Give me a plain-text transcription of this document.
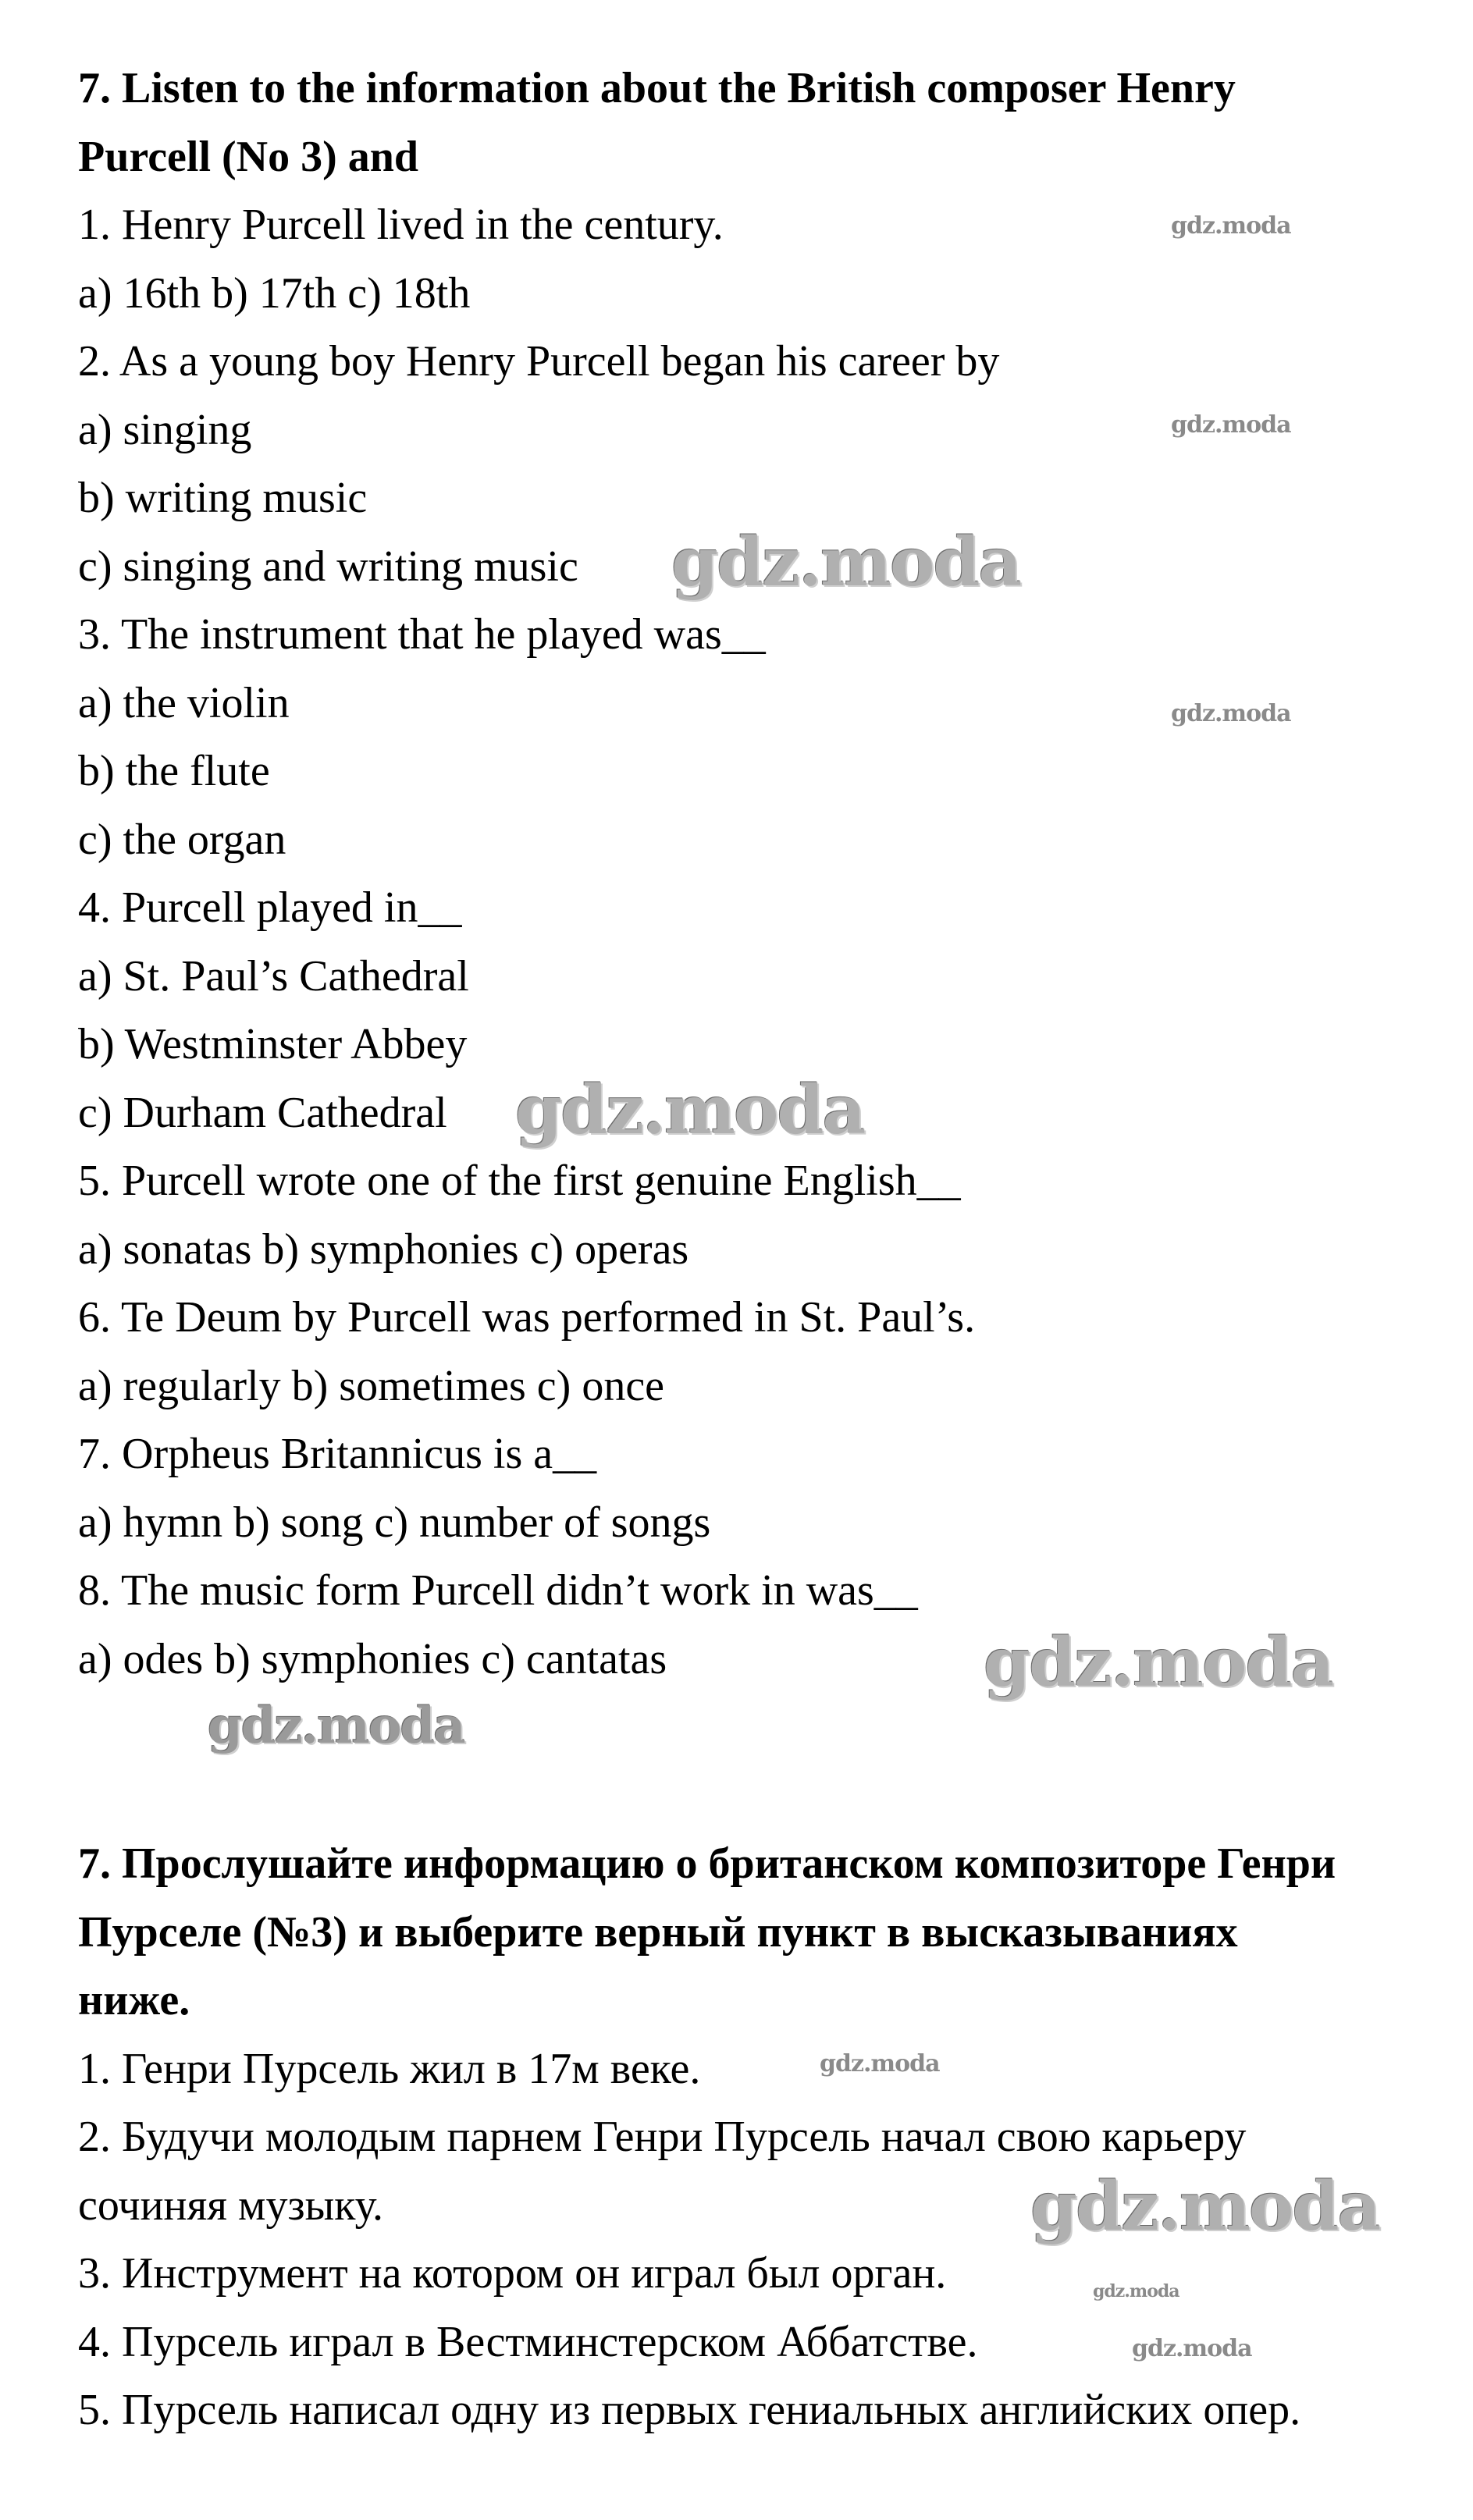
7. Listen to the information about the British composer Henry
Purcell (No 3) and
1. Henry Purcell lived in the century.
a) 16th b) 17th c) 18th
2. As a young boy Henry Purcell began his career by
a) singing
b) writing music
c) singing and writing music
3. The instrument that he played was__
a) the violin
b) the flute
c) the organ
4. Purcell played in__
a) St. Paul’s Cathedral
b) Westminster Abbey
c) Durham Cathedral
5. Purcell wrote one of the first genuine English__
a) sonatas b) symphonies c) operas
6. Te Deum by Purcell was performed in St. Paul’s.
a) regularly b) sometimes c) once
7. Orpheus Britannicus is a__
a) hymn b) song c) number of songs
8. The music form Purcell didn’t work in was__
a) odes b) symphonies c) cantatas
7. Прослушайте информацию о британском композиторе Генри
Пурселе (№3) и выберите верный пункт в высказываниях
ниже.
1. Генри Пурсель жил в 17м веке.
2. Будучи молодым парнем Генри Пурсель начал свою карьеру
сочиняя музыку.
3. Инструмент на котором он играл был орган.
4. Пурсель играл в Вестминстерском Аббатстве.
5. Пурсель написал одну из первых гениальных английских опер.
gdz.moda
gdz.moda
gdz.moda
gdz.moda
gdz.moda
gdz.moda
gdz.moda
gdz.moda
gdz.moda
gdz.moda
gdz.moda
